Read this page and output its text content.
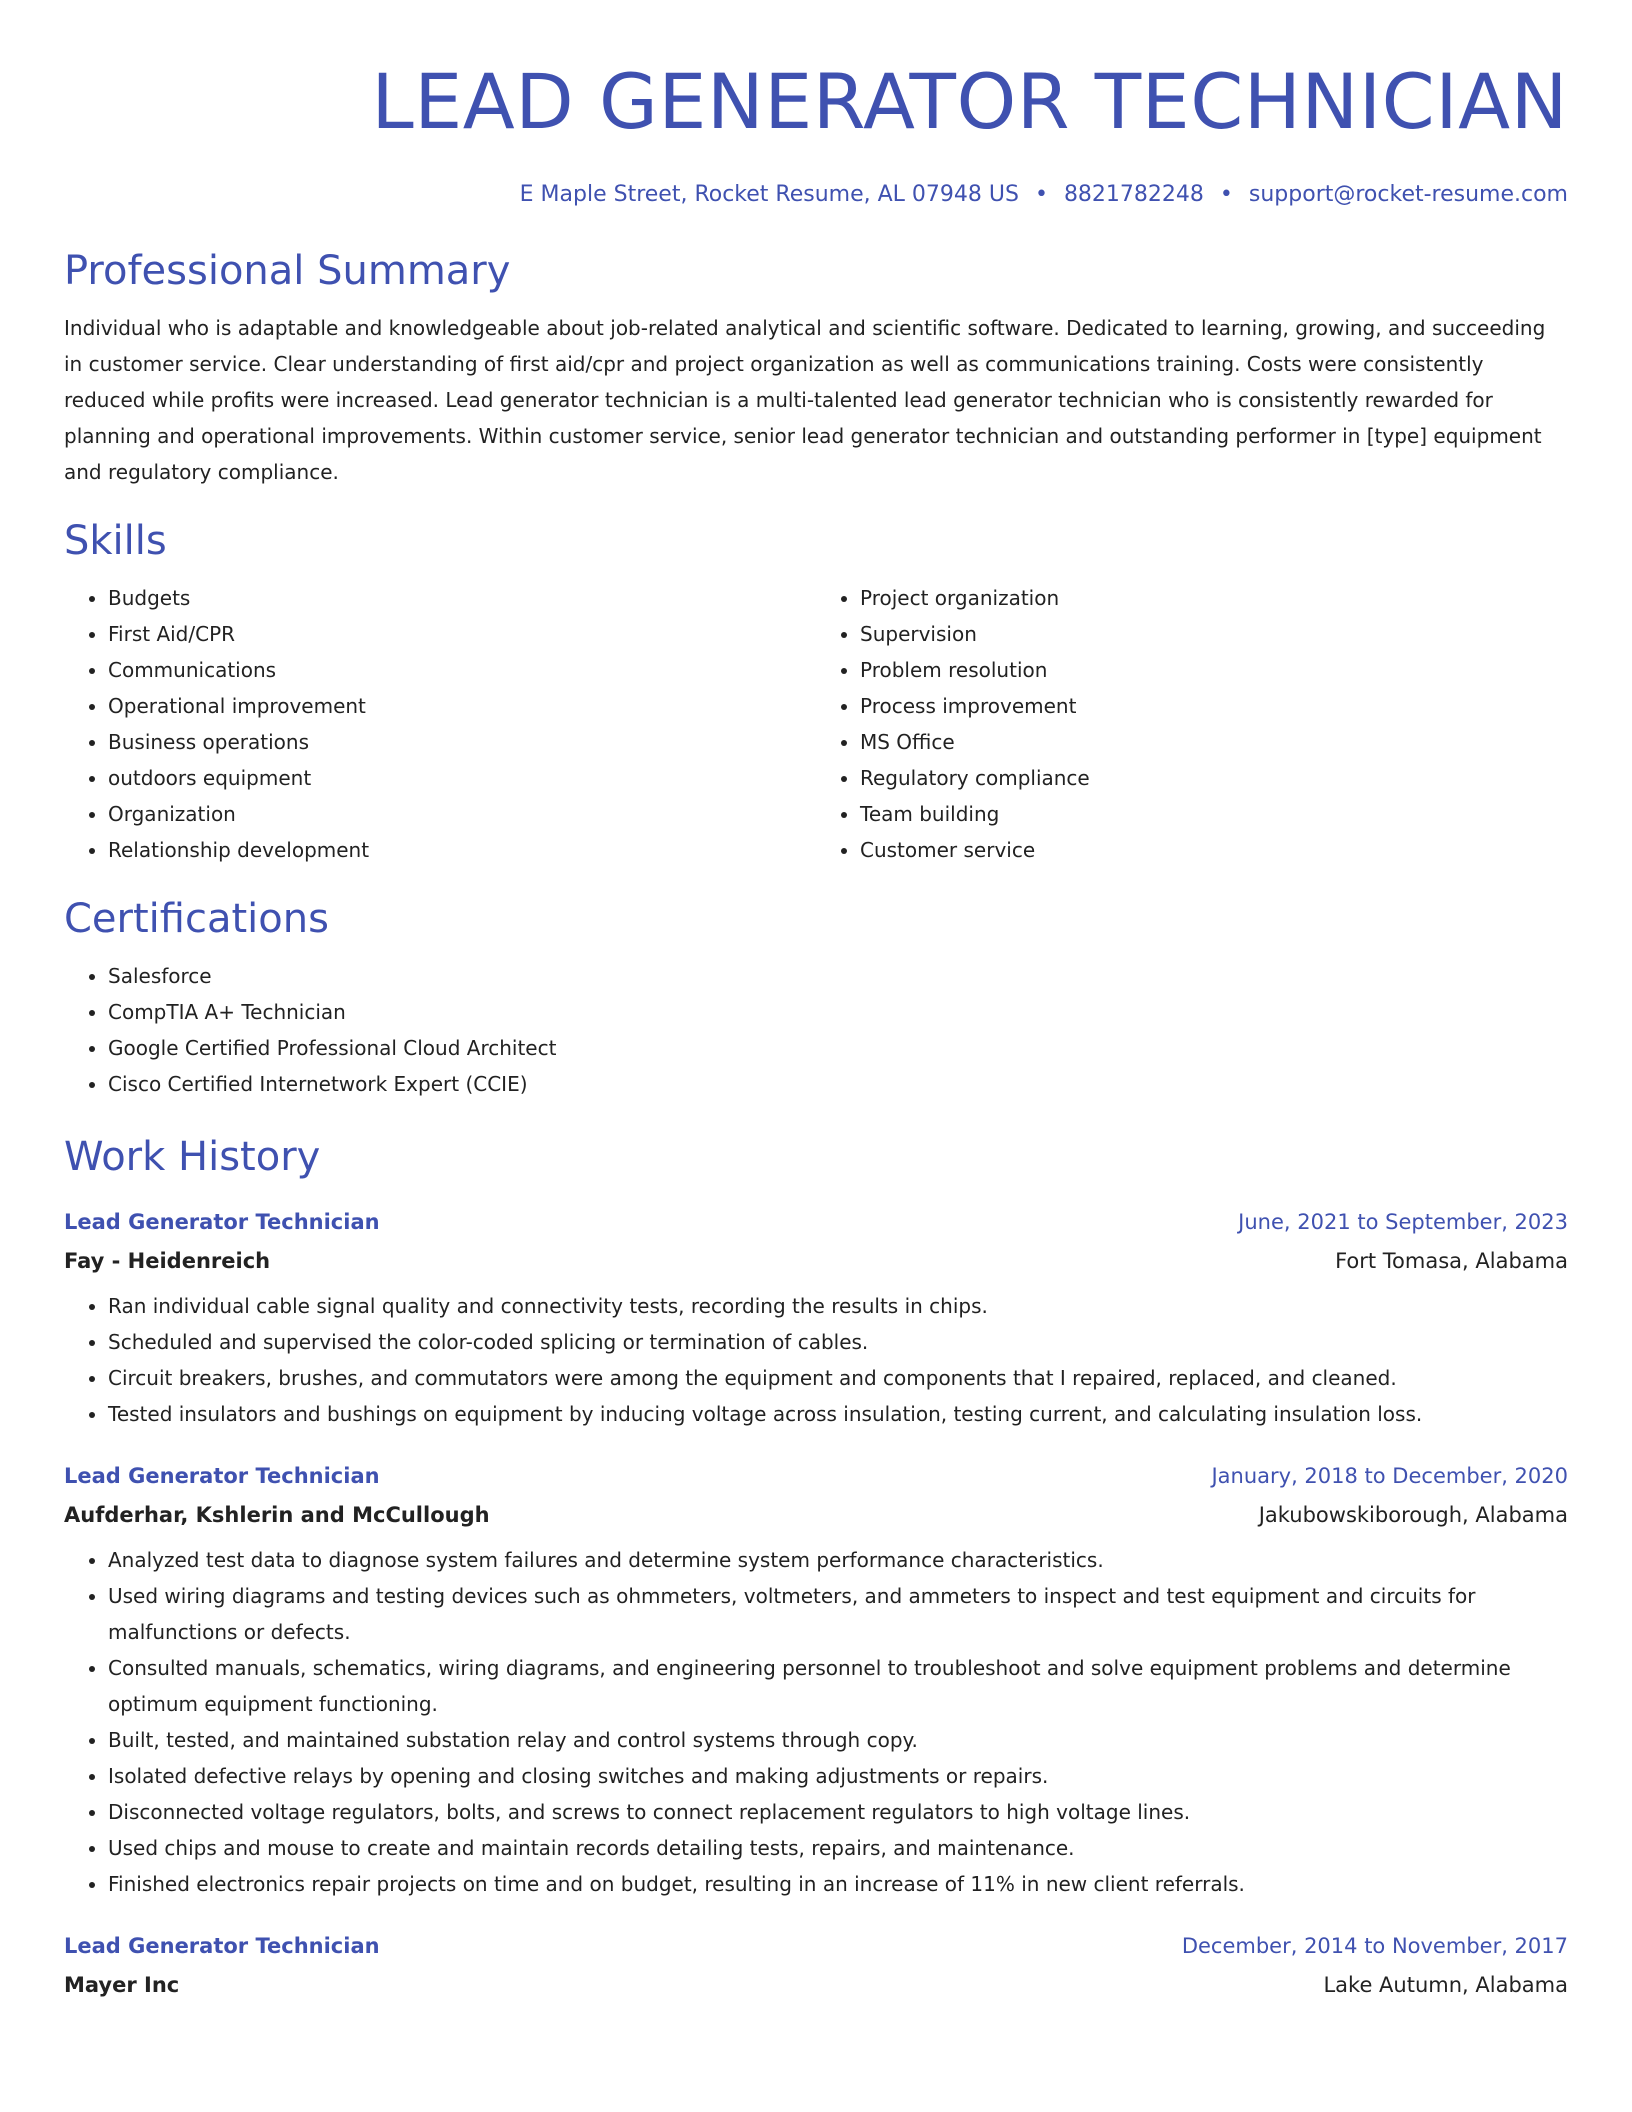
LEAD GENERATOR TECHNICIAN
E Maple Street, Rocket Resume, AL 07948 US • 8821782248 • support@rocket-resume.com
Professional Summary
Individual who is adaptable and knowledgeable about job-related analytical and scientific software. Dedicated to learning, growing, and succeeding in customer service. Clear understanding of first aid/cpr and project organization as well as communications training. Costs were consistently reduced while profits were increased. Lead generator technician is a multi-talented lead generator technician who is consistently rewarded for planning and operational improvements. Within customer service, senior lead generator technician and outstanding performer in [type] equipment and regulatory compliance.
Skills
• Budgets
• First Aid/CPR
• Communications
• Operational improvement
• Business operations
• outdoors equipment
• Organization
• Relationship development
• Project organization
• Supervision
• Problem resolution
• Process improvement
• MS Office
• Regulatory compliance
• Team building
• Customer service
Certifications
• Salesforce
• CompTIA A+ Technician
• Google Certified Professional Cloud Architect
• Cisco Certified Internetwork Expert (CCIE)
Work History
Lead Generator Technician	June, 2021 to September, 2023
Fay - Heidenreich	Fort Tomasa, Alabama
• Ran individual cable signal quality and connectivity tests, recording the results in chips.
• Scheduled and supervised the color-coded splicing or termination of cables.
• Circuit breakers, brushes, and commutators were among the equipment and components that I repaired, replaced, and cleaned.
• Tested insulators and bushings on equipment by inducing voltage across insulation, testing current, and calculating insulation loss.
Lead Generator Technician	January, 2018 to December, 2020
Aufderhar, Kshlerin and McCullough	Jakubowskiborough, Alabama
• Analyzed test data to diagnose system failures and determine system performance characteristics.
• Used wiring diagrams and testing devices such as ohmmeters, voltmeters, and ammeters to inspect and test equipment and circuits for malfunctions or defects.
• Consulted manuals, schematics, wiring diagrams, and engineering personnel to troubleshoot and solve equipment problems and determine optimum equipment functioning.
• Built, tested, and maintained substation relay and control systems through copy.
• Isolated defective relays by opening and closing switches and making adjustments or repairs.
• Disconnected voltage regulators, bolts, and screws to connect replacement regulators to high voltage lines.
• Used chips and mouse to create and maintain records detailing tests, repairs, and maintenance.
• Finished electronics repair projects on time and on budget, resulting in an increase of 11% in new client referrals.
Lead Generator Technician	December, 2014 to November, 2017
Mayer Inc	Lake Autumn, Alabama
